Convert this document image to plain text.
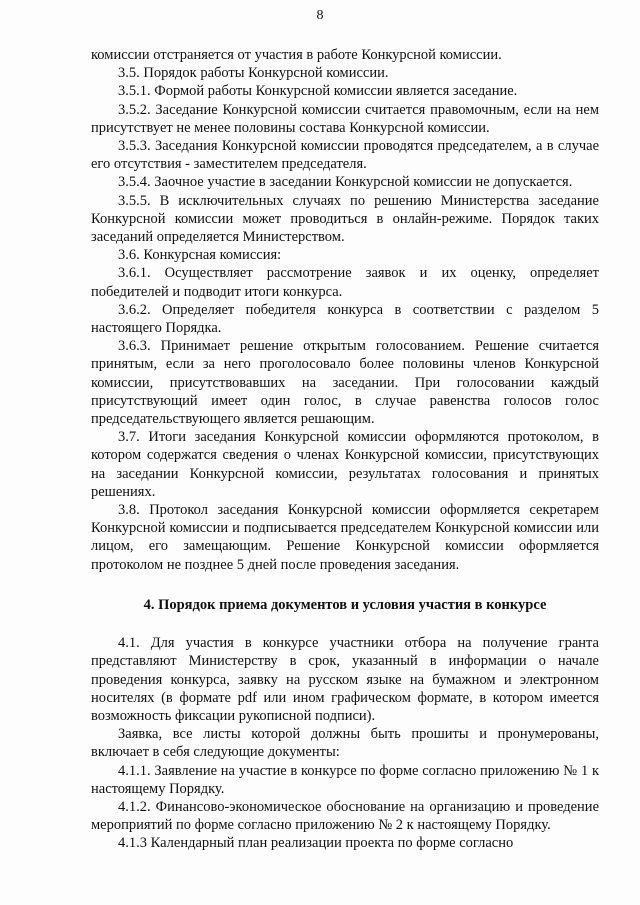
8

комиссии отстраняется от участия в работе Конкурсной комиссии.

3.5. Порядок работы Конкурсной комиссии.

3.5.1. Формой работы Конкурсной комиссии является заседание.

3.5.2. Заседание Конкурсной комиссии считается правомочным, если на нем присутствует не менее половины состава Конкурсной комиссии.

3.5.3. Заседания Конкурсной комиссии проводятся председателем, а в случае его отсутствия - заместителем председателя.

3.5.4. Заочное участие в заседании Конкурсной комиссии не допускается.

3.5.5. В исключительных случаях по решению Министерства заседание Конкурсной комиссии может проводиться в онлайн-режиме. Порядок таких заседаний определяется Министерством.

3.6. Конкурсная комиссия:

3.6.1. Осуществляет рассмотрение заявок и их оценку, определяет победителей и подводит итоги конкурса.

3.6.2. Определяет победителя конкурса в соответствии с разделом 5 настоящего Порядка.

3.6.3. Принимает решение открытым голосованием. Решение считается принятым, если за него проголосовало более половины членов Конкурсной комиссии, присутствовавших на заседании. При голосовании каждый присутствующий имеет один голос, в случае равенства голосов голос председательствующего является решающим.

3.7. Итоги заседания Конкурсной комиссии оформляются протоколом, в котором содержатся сведения о членах Конкурсной комиссии, присутствующих на заседании Конкурсной комиссии, результатах голосования и принятых решениях.

3.8. Протокол заседания Конкурсной комиссии оформляется секретарем Конкурсной комиссии и подписывается председателем Конкурсной комиссии или лицом, его замещающим. Решение Конкурсной комиссии оформляется протоколом не позднее 5 дней после проведения заседания.

4. Порядок приема документов и условия участия в конкурсе

4.1. Для участия в конкурсе участники отбора на получение гранта представляют Министерству в срок, указанный в информации о начале проведения конкурса, заявку на русском языке на бумажном и электронном носителях (в формате pdf или ином графическом формате, в котором имеется возможность фиксации рукописной подписи).

Заявка, все листы которой должны быть прошиты и пронумерованы, включает в себя следующие документы:

4.1.1. Заявление на участие в конкурсе по форме согласно приложению № 1 к настоящему Порядку.

4.1.2. Финансово-экономическое обоснование на организацию и проведение мероприятий по форме согласно приложению № 2 к настоящему Порядку.

4.1.3 Календарный план реализации проекта по форме согласно
